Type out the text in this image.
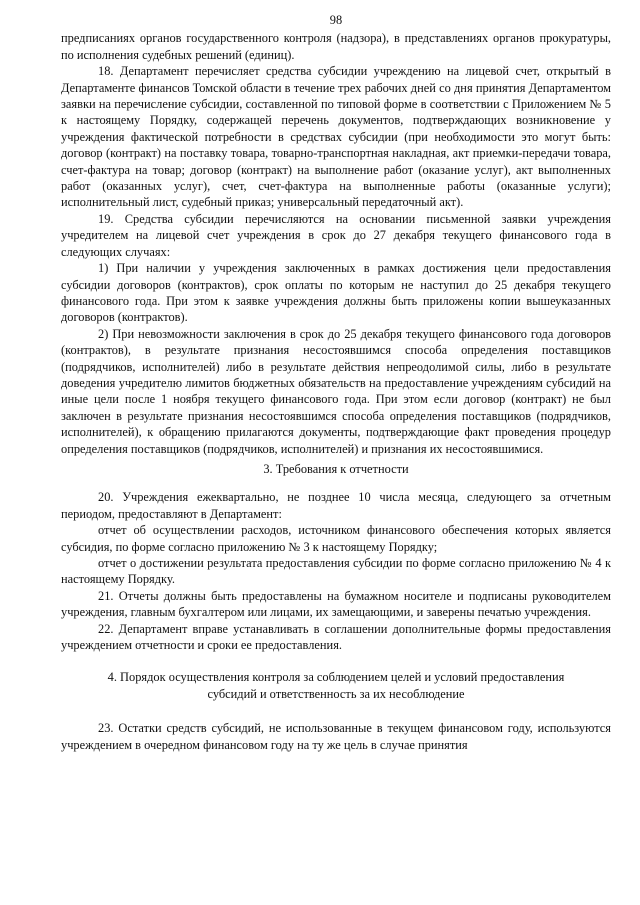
98

предписаниях органов государственного контроля (надзора), в представлениях органов прокуратуры, по исполнения судебных решений (единиц).

18. Департамент перечисляет средства субсидии учреждению на лицевой счет, открытый в Департаменте финансов Томской области в течение трех рабочих дней со дня принятия Департаментом заявки на перечисление субсидии, составленной по типовой форме в соответствии с Приложением № 5 к настоящему Порядку, содержащей перечень документов, подтверждающих возникновение у учреждения фактической потребности в средствах субсидии (при необходимости это могут быть: договор (контракт) на поставку товара, товарно-транспортная накладная, акт приемки-передачи товара, счет-фактура на товар; договор (контракт) на выполнение работ (оказание услуг), акт выполненных работ (оказанных услуг), счет, счет-фактура на выполненные работы (оказанные услуги); исполнительный лист, судебный приказ; универсальный передаточный акт).

19. Средства субсидии перечисляются на основании письменной заявки учреждения учредителем на лицевой счет учреждения в срок до 27 декабря текущего финансового года в следующих случаях:

1) При наличии у учреждения заключенных в рамках достижения цели предоставления субсидии договоров (контрактов), срок оплаты по которым не наступил до 25 декабря текущего финансового года. При этом к заявке учреждения должны быть приложены копии вышеуказанных договоров (контрактов).

2) При невозможности заключения в срок до 25 декабря текущего финансового года договоров (контрактов), в результате признания несостоявшимся способа определения поставщиков (подрядчиков, исполнителей) либо в результате действия непреодолимой силы, либо в результате доведения учредителю лимитов бюджетных обязательств на предоставление учреждениям субсидий на иные цели после 1 ноября текущего финансового года. При этом если договор (контракт) не был заключен в результате признания несостоявшимся способа определения поставщиков (подрядчиков, исполнителей), к обращению прилагаются документы, подтверждающие факт проведения процедур определения поставщиков (подрядчиков, исполнителей) и признания их несостоявшимися.

3. Требования к отчетности

20. Учреждения ежеквартально, не позднее 10 числа месяца, следующего за отчетным периодом, предоставляют в Департамент:

отчет об осуществлении расходов, источником финансового обеспечения которых является субсидия, по форме согласно приложению № 3 к настоящему Порядку;

отчет о достижении результата предоставления субсидии по форме согласно приложению № 4 к настоящему Порядку.

21. Отчеты должны быть предоставлены на бумажном носителе и подписаны руководителем учреждения, главным бухгалтером или лицами, их замещающими, и заверены печатью учреждения.

22. Департамент вправе устанавливать в соглашении дополнительные формы предоставления учреждением отчетности и сроки ее предоставления.

4. Порядок осуществления контроля за соблюдением целей и условий предоставления
субсидий и ответственность за их несоблюдение

23. Остатки средств субсидий, не использованные в текущем финансовом году, используются учреждением в очередном финансовом году на ту же цель в случае принятия
